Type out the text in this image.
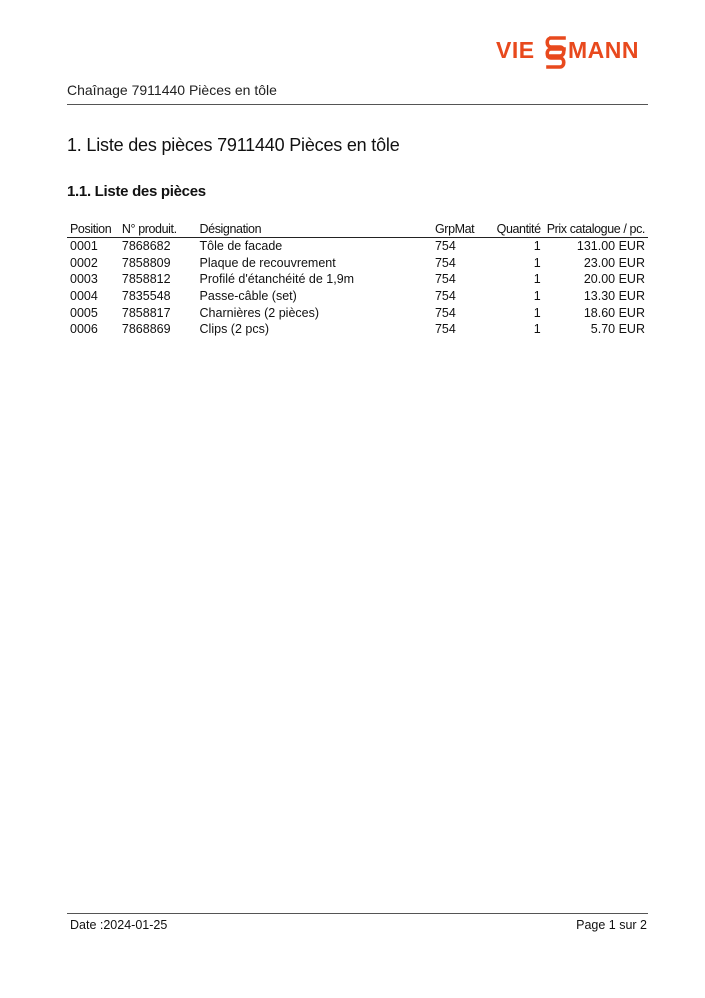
VIE MANN
Chaînage 7911440 Pièces en tôle
1. Liste des pièces 7911440 Pièces en tôle
1.1. Liste des pièces
Position	N° produit.	Désignation	GrpMat	Quantité	Prix catalogue / pc.
0001	7868682	Tôle de facade	754	1	131.00 EUR
0002	7858809	Plaque de recouvrement	754	1	23.00 EUR
0003	7858812	Profilé d'étanchéité de 1,9m	754	1	20.00 EUR
0004	7835548	Passe-câble (set)	754	1	13.30 EUR
0005	7858817	Charnières (2 pièces)	754	1	18.60 EUR
0006	7868869	Clips (2 pcs)	754	1	5.70 EUR
Date :2024-01-25	Page 1 sur 2
